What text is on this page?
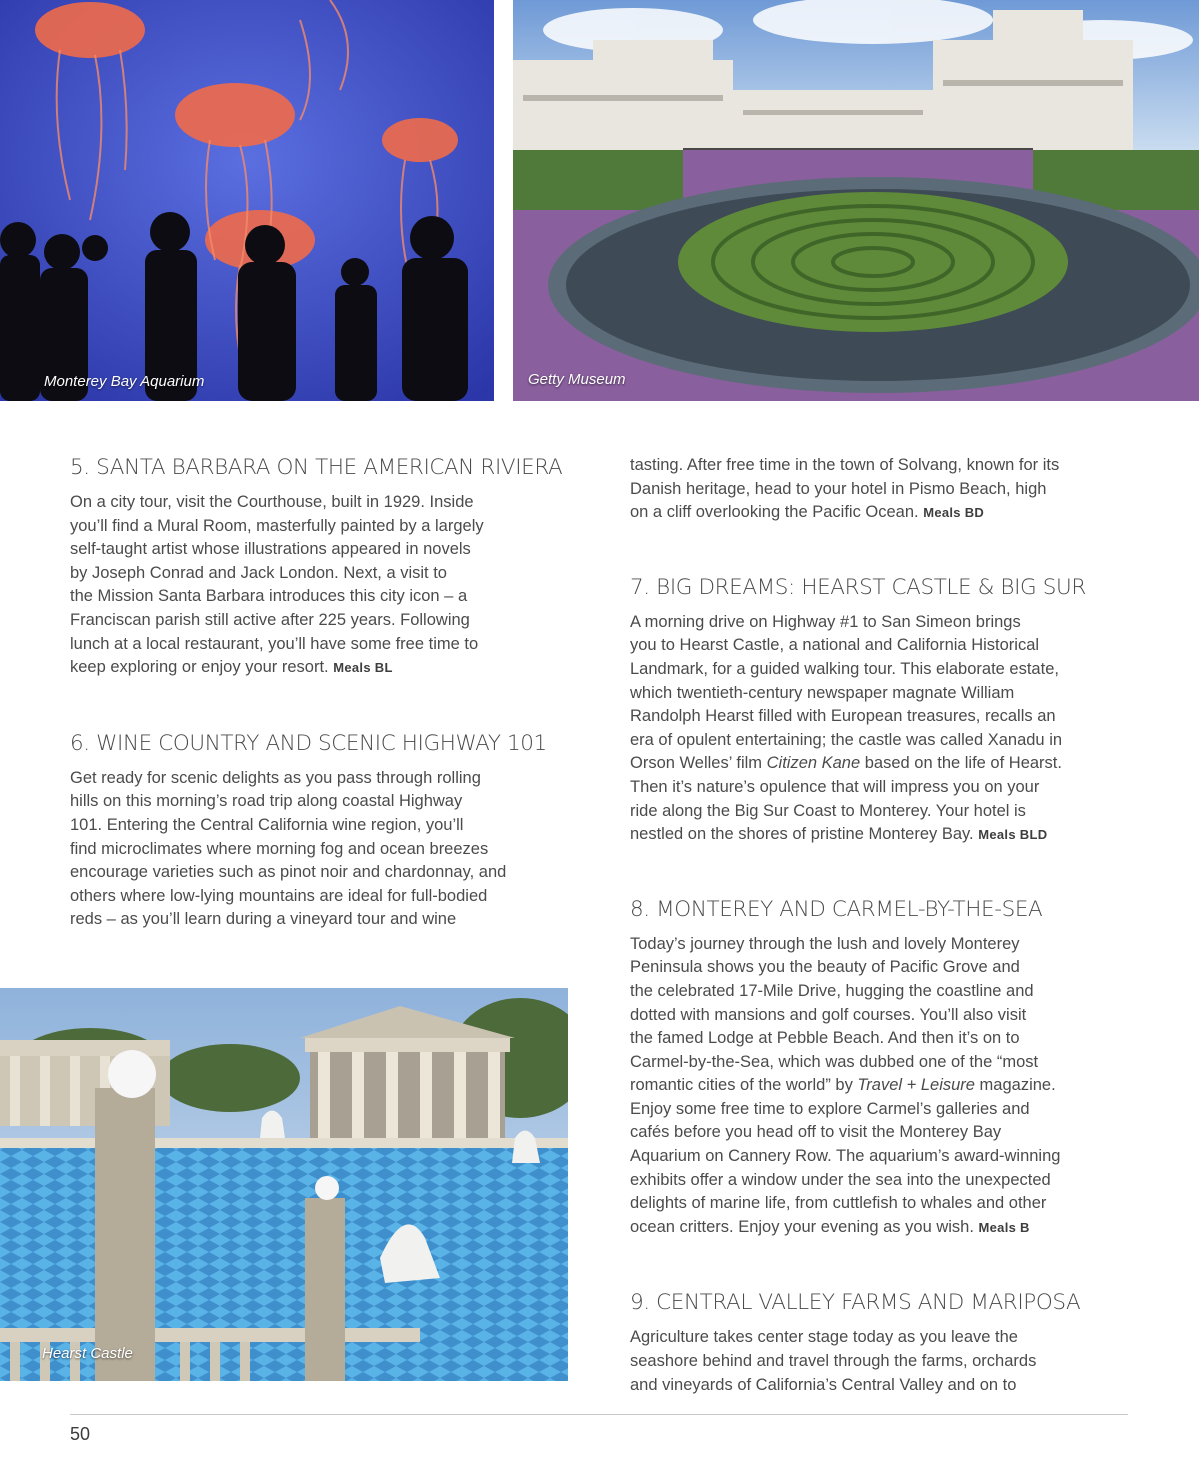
Monterey Bay Aquarium	Getty Museum
Hearst Castle
5. SANTA BARBARA ON THE AMERICAN RIVIERA

On a city tour, visit the Courthouse, built in 1929. Inside
you’ll find a Mural Room, masterfully painted by a largely
self-taught artist whose illustrations appeared in novels
by Joseph Conrad and Jack London. Next, a visit to
the Mission Santa Barbara introduces this city icon – a
Franciscan parish still active after 225 years. Following
lunch at a local restaurant, you’ll have some free time to
keep exploring or enjoy your resort. Meals BL

6. WINE COUNTRY AND SCENIC HIGHWAY 101

Get ready for scenic delights as you pass through rolling
hills on this morning’s road trip along coastal Highway
101. Entering the Central California wine region, you’ll
find microclimates where morning fog and ocean breezes
encourage varieties such as pinot noir and chardonnay, and
others where low-lying mountains are ideal for full-bodied
reds – as you’ll learn during a vineyard tour and wine

tasting. After free time in the town of Solvang, known for its
Danish heritage, head to your hotel in Pismo Beach, high
on a cliff overlooking the Pacific Ocean. Meals BD

7. BIG DREAMS: HEARST CASTLE & BIG SUR

A morning drive on Highway #1 to San Simeon brings
you to Hearst Castle, a national and California Historical
Landmark, for a guided walking tour. This elaborate estate,
which twentieth-century newspaper magnate William
Randolph Hearst filled with European treasures, recalls an
era of opulent entertaining; the castle was called Xanadu in
Orson Welles’ film Citizen Kane based on the life of Hearst.
Then it’s nature’s opulence that will impress you on your
ride along the Big Sur Coast to Monterey. Your hotel is
nestled on the shores of pristine Monterey Bay. Meals BLD

8. MONTEREY AND CARMEL-BY-THE-SEA

Today’s journey through the lush and lovely Monterey
Peninsula shows you the beauty of Pacific Grove and
the celebrated 17-Mile Drive, hugging the coastline and
dotted with mansions and golf courses. You’ll also visit
the famed Lodge at Pebble Beach. And then it’s on to
Carmel-by-the-Sea, which was dubbed one of the “most
romantic cities of the world” by Travel + Leisure magazine.
Enjoy some free time to explore Carmel’s galleries and
cafés before you head off to visit the Monterey Bay
Aquarium on Cannery Row. The aquarium’s award-winning
exhibits offer a window under the sea into the unexpected
delights of marine life, from cuttlefish to whales and other
ocean critters. Enjoy your evening as you wish. Meals B

9. CENTRAL VALLEY FARMS AND MARIPOSA

Agriculture takes center stage today as you leave the
seashore behind and travel through the farms, orchards
and vineyards of California’s Central Valley and on to

50
